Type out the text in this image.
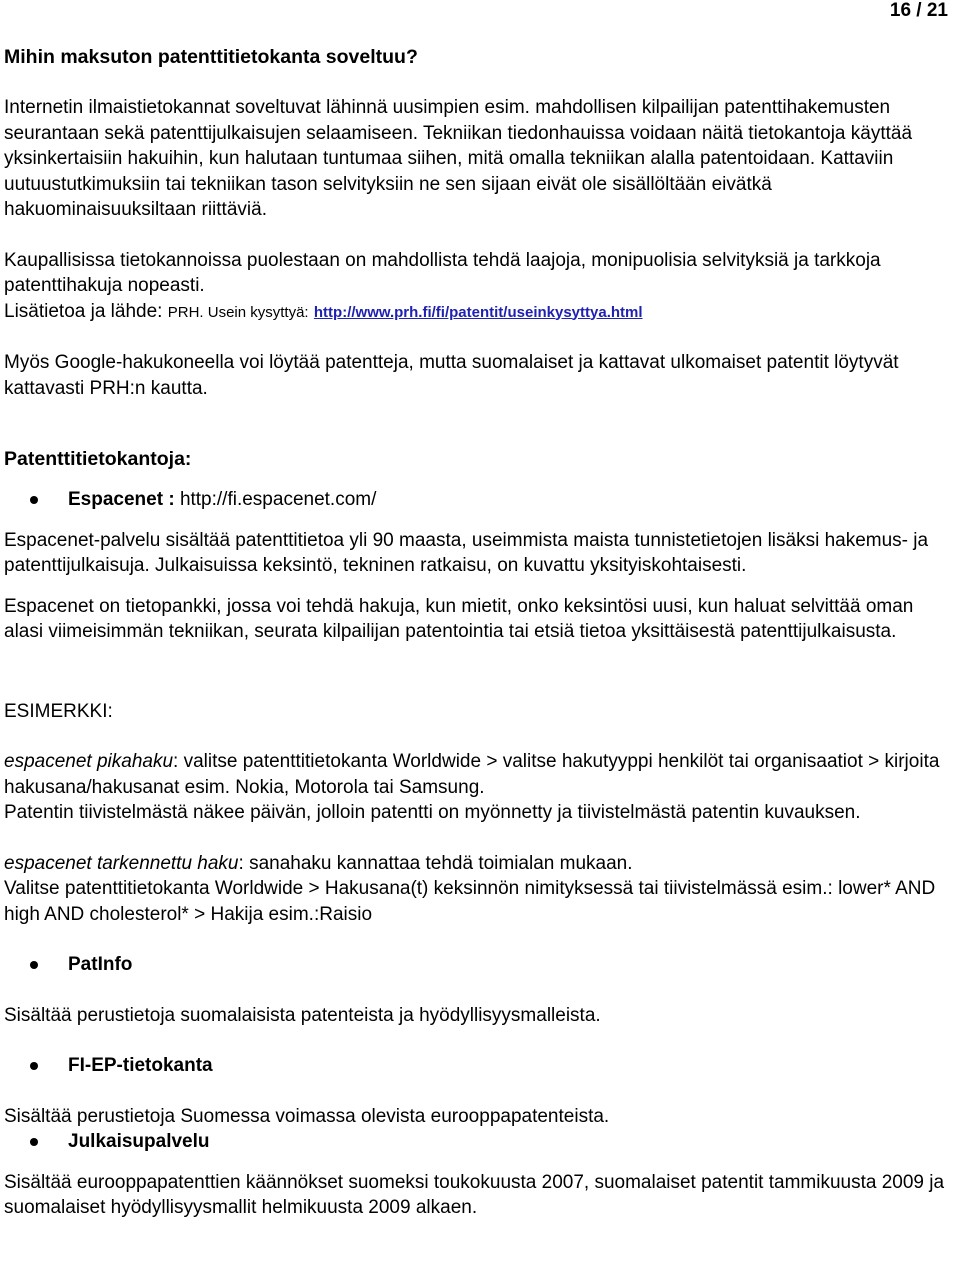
16 / 21

Mihin maksuton patenttitietokanta soveltuu?

Internetin ilmaistietokannat soveltuvat lähinnä uusimpien esim. mahdollisen kilpailijan patenttihakemusten seurantaan sekä patenttijulkaisujen selaamiseen. Tekniikan tiedonhauissa voidaan näitä tietokantoja käyttää yksinkertaisiin hakuihin, kun halutaan tuntumaa siihen, mitä omalla tekniikan alalla patentoidaan. Kattaviin uutuustutkimuksiin tai tekniikan tason selvityksiin ne sen sijaan eivät ole sisällöltään eivätkä hakuominaisuuksiltaan riittäviä.

Kaupallisissa tietokannoissa puolestaan on mahdollista tehdä laajoja, monipuolisia selvityksiä ja tarkkoja patenttihakuja nopeasti.

Lisätietoa ja lähde: PRH. Usein kysyttyä: http://www.prh.fi/fi/patentit/useinkysyttya.html

Myös Google-hakukoneella voi löytää patentteja, mutta suomalaiset ja kattavat ulkomaiset patentit löytyvät kattavasti PRH:n kautta.

Patenttitietokantoja:

Espacenet : http://fi.espacenet.com/

Espacenet-palvelu sisältää patenttitietoa yli 90 maasta, useimmista maista tunnistetietojen lisäksi hakemus- ja patenttijulkaisuja. Julkaisuissa keksintö, tekninen ratkaisu, on kuvattu yksityiskohtaisesti.

Espacenet on tietopankki, jossa voi tehdä hakuja, kun mietit, onko keksintösi uusi, kun haluat selvittää oman alasi viimeisimmän tekniikan, seurata kilpailijan patentointia tai etsiä tietoa yksittäisestä patenttijulkaisusta.

ESIMERKKI:

espacenet pikahaku: valitse patenttitietokanta Worldwide > valitse hakutyyppi henkilöt tai organisaatiot > kirjoita hakusana/hakusanat esim. Nokia, Motorola tai Samsung.

Patentin tiivistelmästä näkee päivän, jolloin patentti on myönnetty ja tiivistelmästä patentin kuvauksen.

espacenet tarkennettu haku: sanahaku kannattaa tehdä toimialan mukaan.

Valitse patenttitietokanta Worldwide > Hakusana(t) keksinnön nimityksessä tai tiivistelmässä esim.: lower* AND high AND cholesterol* > Hakija esim.:Raisio

PatInfo

Sisältää perustietoja suomalaisista patenteista ja hyödyllisyysmalleista.

FI-EP-tietokanta

Sisältää perustietoja Suomessa voimassa olevista eurooppapatenteista.

Julkaisupalvelu

Sisältää eurooppapatenttien käännökset suomeksi toukokuusta 2007, suomalaiset patentit tammikuusta 2009 ja suomalaiset hyödyllisyysmallit helmikuusta 2009 alkaen.
